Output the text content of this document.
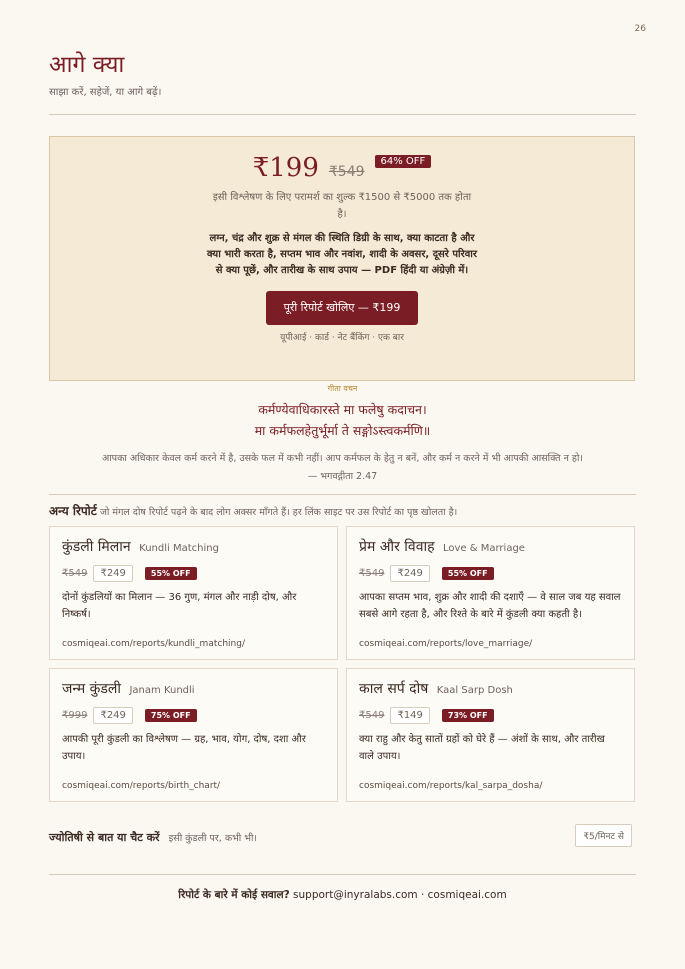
26
आगे क्या
साझा करें, सहेजें, या आगे बढ़ें।
₹199 ₹549
64% OFF
इसी विश्लेषण के लिए परामर्श का शुल्क ₹1500 से ₹5000 तक होता है।
लग्न, चंद्र और शुक्र से मंगल की स्थिति डिग्री के साथ, क्या काटता है और क्या भारी करता है, सप्तम भाव और नवांश, शादी के अवसर, दूसरे परिवार से क्या पूछें, और तारीख के साथ उपाय — PDF हिंदी या अंग्रेज़ी में।
पूरी रिपोर्ट खोलिए — ₹199
यूपीआई · कार्ड · नेट बैंकिंग · एक बार
गीता वचन
कर्मण्येवाधिकारस्ते मा फलेषु कदाचन।
मा कर्मफलहेतुर्भूर्मा ते सङ्गोऽस्त्वकर्मणि॥
आपका अधिकार केवल कर्म करने में है, उसके फल में कभी नहीं। आप कर्मफल के हेतु न बनें, और कर्म न करने में भी आपकी आसक्ति न हो।
— भगवद्गीता 2.47
अन्य रिपोर्ट जो मंगल दोष रिपोर्ट पढ़ने के बाद लोग अक्सर माँगते हैं। हर लिंक साइट पर उस रिपोर्ट का पृष्ठ खोलता है।
कुंडली मिलान Kundli Matching
₹549	₹249	55% OFF
दोनों कुंडलियों का मिलान — 36 गुण, मंगल और नाड़ी दोष, और निष्कर्ष।
cosmiqeai.com/reports/kundli_matching/
प्रेम और विवाह Love & Marriage
₹549	₹249	55% OFF
आपका सप्तम भाव, शुक्र और शादी की दशाएँ — वे साल जब यह सवाल सबसे आगे रहता है, और रिश्ते के बारे में कुंडली क्या कहती है।
cosmiqeai.com/reports/love_marriage/
जन्म कुंडली Janam Kundli
₹999	₹249	75% OFF
आपकी पूरी कुंडली का विश्लेषण — ग्रह, भाव, योग, दोष, दशा और उपाय।
cosmiqeai.com/reports/birth_chart/
काल सर्प दोष Kaal Sarp Dosh
₹549	₹149	73% OFF
क्या राहु और केतु सातों ग्रहों को घेरे हैं — अंशों के साथ, और तारीख वाले उपाय।
cosmiqeai.com/reports/kal_sarpa_dosha/
ज्योतिषी से बात या चैट करें इसी कुंडली पर, कभी भी।	₹5/मिनट से
रिपोर्ट के बारे में कोई सवाल? support@inyralabs.com · cosmiqeai.com
